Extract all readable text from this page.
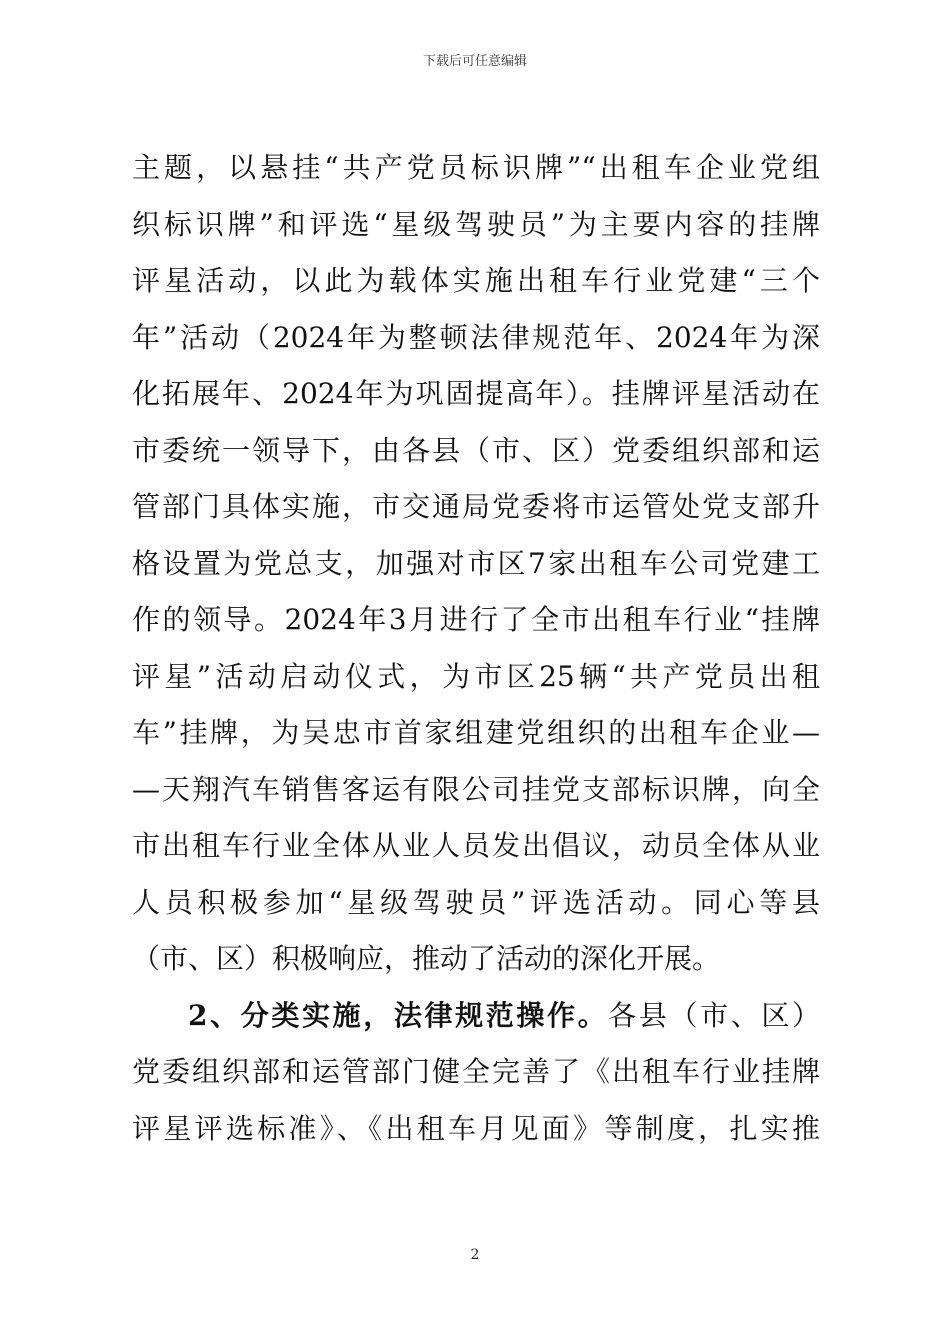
下载后可任意编辑
主题，以悬挂“共产党员标识牌”“出租车企业党组
织标识牌”和评选“星级驾驶员”为主要内容的挂牌
评星活动，以此为载体实施出租车行业党建“三个
年”活动（2024年为整顿法律规范年、2024年为深
化拓展年、2024年为巩固提高年）。挂牌评星活动在
市委统一领导下，由各县（市、区）党委组织部和运
管部门具体实施，市交通局党委将市运管处党支部升
格设置为党总支，加强对市区7家出租车公司党建工
作的领导。2024年3月进行了全市出租车行业“挂牌
评星”活动启动仪式，为市区25辆“共产党员出租
车”挂牌，为吴忠市首家组建党组织的出租车企业—
—天翔汽车销售客运有限公司挂党支部标识牌，向全
市出租车行业全体从业人员发出倡议，动员全体从业
人员积极参加“星级驾驶员”评选活动。同心等县
（市、区）积极响应，推动了活动的深化开展。
2、分类实施，法律规范操作。各县（市、区）
党委组织部和运管部门健全完善了《出租车行业挂牌
评星评选标准》、《出租车月见面》等制度，扎实推
2
